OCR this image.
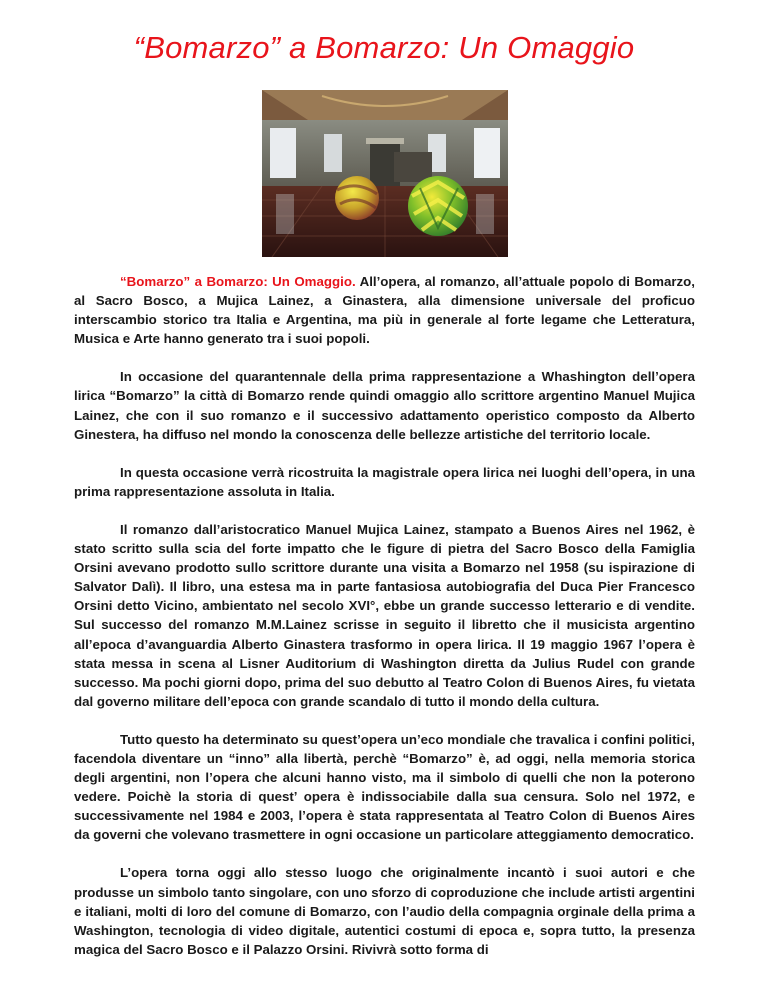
“Bomarzo” a Bomarzo: Un Omaggio

“Bomarzo” a Bomarzo: Un Omaggio. All’opera, al romanzo, all’attuale popolo di Bomarzo, al Sacro Bosco, a Mujica Lainez, a Ginastera, alla dimensione universale del proficuo interscambio storico tra Italia e Argentina, ma più in generale al forte legame che Letteratura, Musica e Arte hanno generato tra i suoi popoli.

In occasione del quarantennale della prima rappresentazione a Whashington dell’opera lirica “Bomarzo” la città di Bomarzo rende quindi omaggio allo scrittore argentino Manuel Mujica Lainez, che con il suo romanzo e il successivo adattamento operistico composto da Alberto Ginestera, ha diffuso nel mondo la conoscenza delle bellezze artistiche del territorio locale.

In questa occasione verrà ricostruita la magistrale opera lirica nei luoghi dell’opera, in una prima rappresentazione assoluta in Italia.

Il romanzo dall’aristocratico Manuel Mujica Lainez, stampato a Buenos Aires nel 1962, è stato scritto sulla scia del forte impatto che le figure di pietra del Sacro Bosco della Famiglia Orsini avevano prodotto sullo scrittore durante una visita a Bomarzo nel 1958 (su ispirazione di Salvator Dalì). Il libro, una estesa ma in parte fantasiosa autobiografia del Duca Pier Francesco Orsini detto Vicino, ambientato nel secolo XVI°, ebbe un grande successo letterario e di vendite. Sul successo del romanzo M.M.Lainez scrisse in seguito il libretto che il musicista argentino all’epoca d’avanguardia Alberto Ginastera trasformo in opera lirica. Il 19 maggio 1967 l’opera è stata messa in scena al Lisner Auditorium di Washington diretta da Julius Rudel con grande successo. Ma pochi giorni dopo, prima del suo debutto al Teatro Colon di Buenos Aires, fu vietata dal governo militare dell’epoca con grande scandalo di tutto il mondo della cultura.

Tutto questo ha determinato su quest’opera un’eco mondiale che travalica i confini politici, facendola diventare un “inno” alla libertà, perchè “Bomarzo” è, ad oggi, nella memoria storica degli argentini, non l’opera che alcuni hanno visto, ma il simbolo di quelli che non la poterono vedere. Poichè la storia di quest’ opera è indissociabile dalla sua censura. Solo nel 1972, e successivamente nel 1984 e 2003, l’opera è stata rappresentata al Teatro Colon di Buenos Aires da governi che volevano trasmettere in ogni occasione un particolare atteggiamento democratico.

L’opera torna oggi allo stesso luogo che originalmente incantò i suoi autori e che produsse un simbolo tanto singolare, con uno sforzo di coproduzione che include artisti argentini e italiani, molti di loro del comune di Bomarzo, con l’audio della compagnia orginale della prima a Washington, tecnologia di video digitale, autentici costumi di epoca e, sopra tutto, la presenza magica del Sacro Bosco e il Palazzo Orsini. Rivivrà sotto forma di
